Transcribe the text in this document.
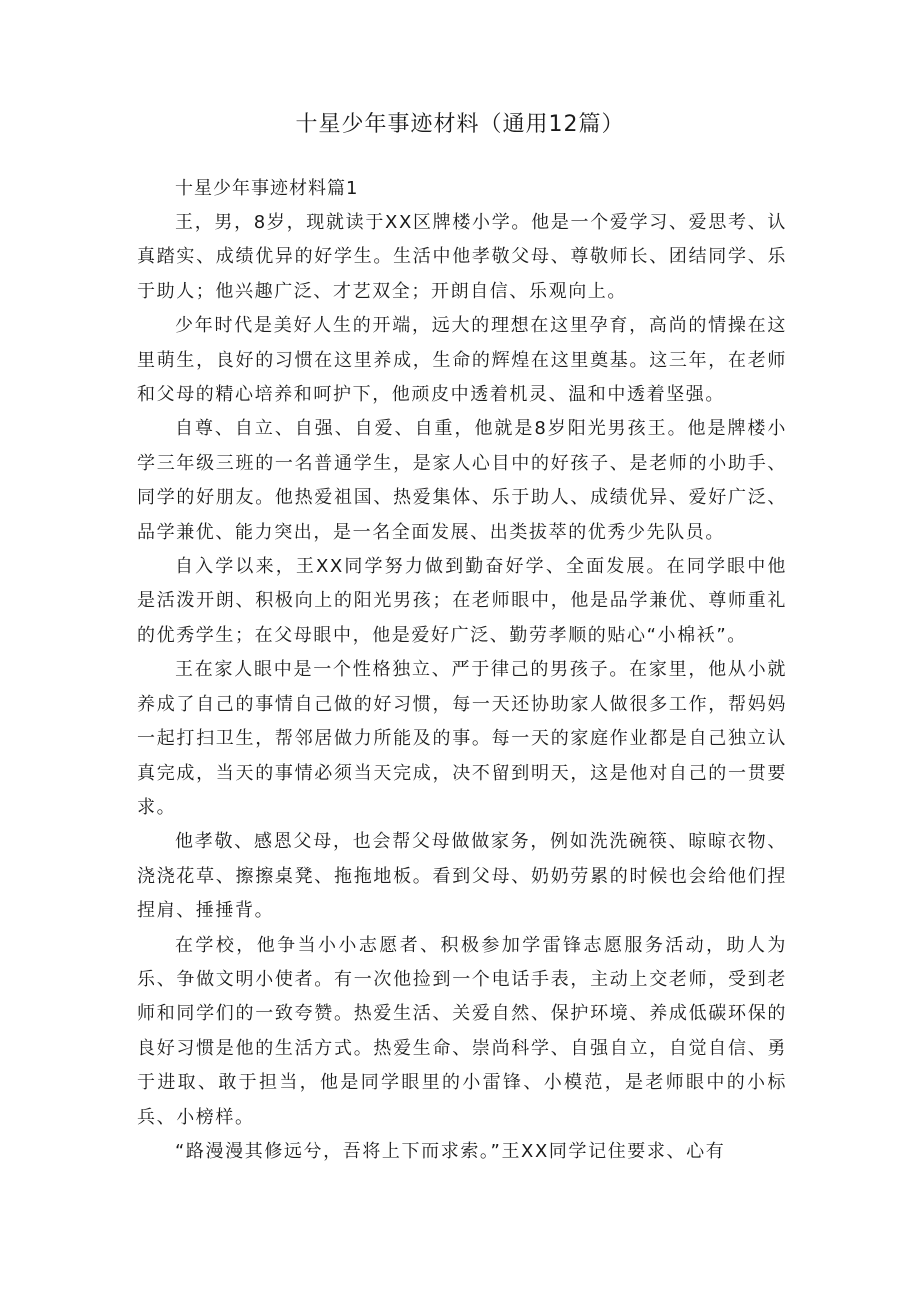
十星少年事迹材料（通用12篇）

十星少年事迹材料篇1

王，男，8岁，现就读于XX区牌楼小学。他是一个爱学习、爱思考、认真踏实、成绩优异的好学生。生活中他孝敬父母、尊敬师长、团结同学、乐于助人；他兴趣广泛、才艺双全；开朗自信、乐观向上。

少年时代是美好人生的开端，远大的理想在这里孕育，高尚的情操在这里萌生，良好的习惯在这里养成，生命的辉煌在这里奠基。这三年，在老师和父母的精心培养和呵护下，他顽皮中透着机灵、温和中透着坚强。

自尊、自立、自强、自爱、自重，他就是8岁阳光男孩王。他是牌楼小学三年级三班的一名普通学生，是家人心目中的好孩子、是老师的小助手、同学的好朋友。他热爱祖国、热爱集体、乐于助人、成绩优异、爱好广泛、品学兼优、能力突出，是一名全面发展、出类拔萃的优秀少先队员。

自入学以来，王XX同学努力做到勤奋好学、全面发展。在同学眼中他是活泼开朗、积极向上的阳光男孩；在老师眼中，他是品学兼优、尊师重礼的优秀学生；在父母眼中，他是爱好广泛、勤劳孝顺的贴心“小棉袄”。

王在家人眼中是一个性格独立、严于律己的男孩子。在家里，他从小就养成了自己的事情自己做的好习惯，每一天还协助家人做很多工作，帮妈妈一起打扫卫生，帮邻居做力所能及的事。每一天的家庭作业都是自己独立认真完成，当天的事情必须当天完成，决不留到明天，这是他对自己的一贯要求。

他孝敬、感恩父母，也会帮父母做做家务，例如洗洗碗筷、晾晾衣物、浇浇花草、擦擦桌凳、拖拖地板。看到父母、奶奶劳累的时候也会给他们捏捏肩、捶捶背。

在学校，他争当小小志愿者、积极参加学雷锋志愿服务活动，助人为乐、争做文明小使者。有一次他捡到一个电话手表，主动上交老师，受到老师和同学们的一致夸赞。热爱生活、关爱自然、保护环境、养成低碳环保的良好习惯是他的生活方式。热爱生命、崇尚科学、自强自立，自觉自信、勇于进取、敢于担当，他是同学眼里的小雷锋、小模范，是老师眼中的小标兵、小榜样。

“路漫漫其修远兮，吾将上下而求索。”王XX同学记住要求、心有
